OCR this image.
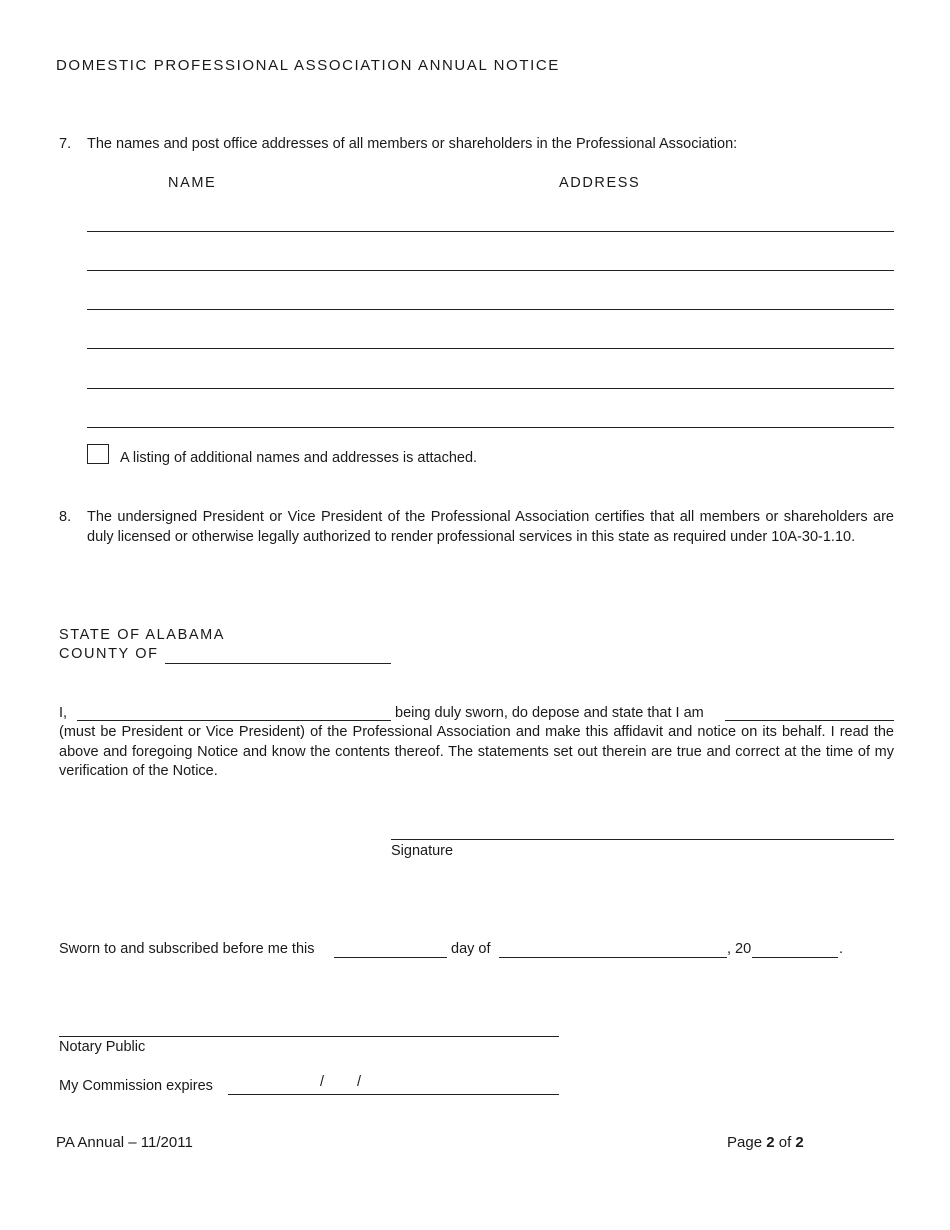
DOMESTIC PROFESSIONAL ASSOCIATION ANNUAL NOTICE
7. The names and post office addresses of all members or shareholders in the Professional Association:
NAME	ADDRESS
A listing of additional names and addresses is attached.
8. The undersigned President or Vice President of the Professional Association certifies that all members or shareholders are duly licensed or otherwise legally authorized to render professional services in this state as required under 10A-30-1.10.
STATE OF ALABAMA
COUNTY OF
I,	being duly sworn, do depose and state that I am
(must be President or Vice President) of the Professional Association and make this affidavit and notice on its behalf. I read the above and foregoing Notice and know the contents thereof. The statements set out therein are true and correct at the time of my verification of the Notice.
Signature
Sworn to and subscribed before me this	day of	, 20	.
Notary Public
My Commission expires	/ /
PA Annual – 11/2011	Page 2 of 2
